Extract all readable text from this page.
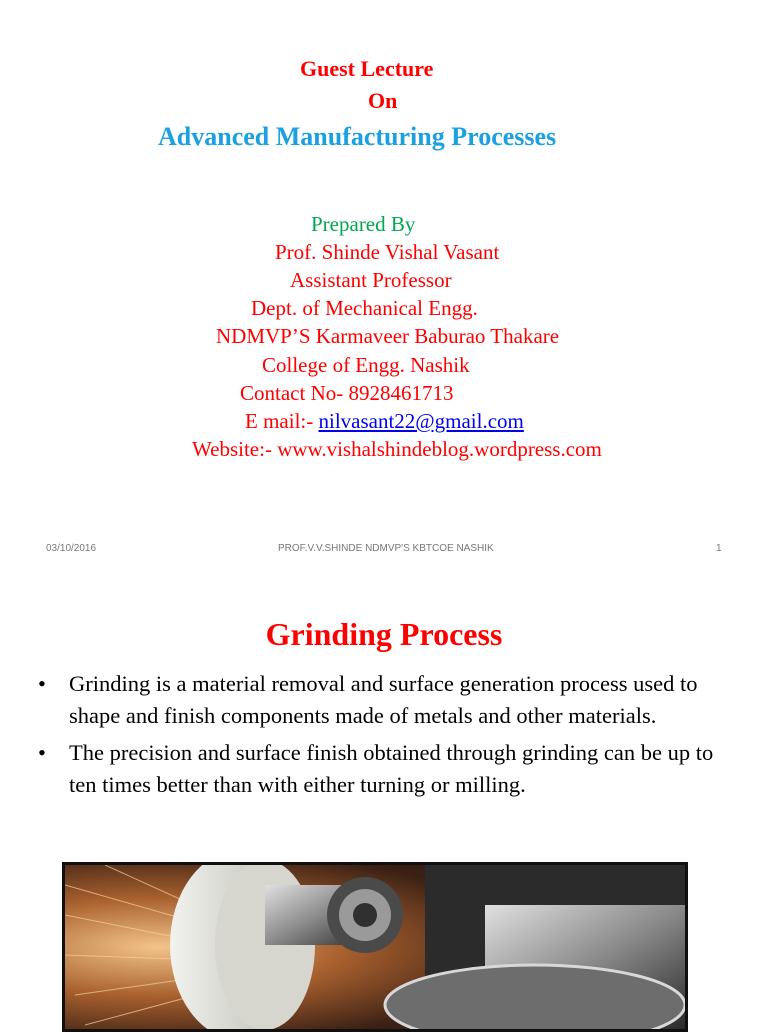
Guest Lecture
On
Advanced Manufacturing Processes
Prepared By
Prof. Shinde Vishal Vasant
Assistant Professor
Dept. of Mechanical Engg.
NDMVP’S Karmaveer Baburao Thakare
College of Engg. Nashik
Contact No- 8928461713
E mail:- nilvasant22@gmail.com
Website:- www.vishalshindeblog.wordpress.com
03/10/2016	PROF.V.V.SHINDE NDMVP'S KBTCOE NASHIK	1
Grinding Process
• Grinding is a material removal and surface generation process used to shape and finish components made of metals and other materials.
• The precision and surface finish obtained through grinding can be up to ten times better than with either turning or milling.
